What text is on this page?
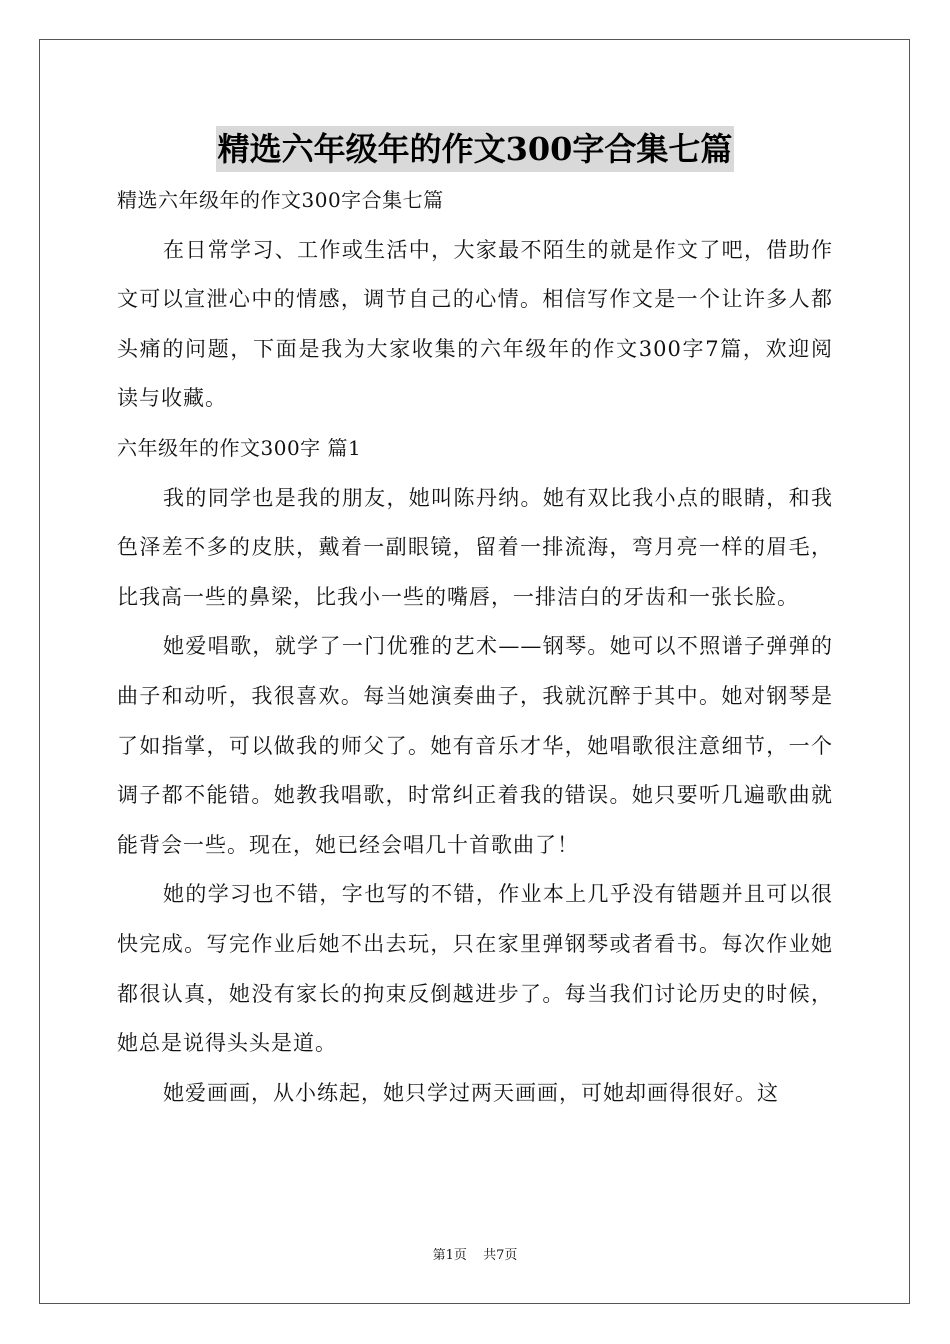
精选六年级年的作文300字合集七篇

精选六年级年的作文300字合集七篇

在日常学习、工作或生活中，大家最不陌生的就是作文了吧，借助作文可以宣泄心中的情感，调节自己的心情。相信写作文是一个让许多人都头痛的问题，下面是我为大家收集的六年级年的作文300字7篇，欢迎阅读与收藏。

六年级年的作文300字 篇1

我的同学也是我的朋友，她叫陈丹纳。她有双比我小点的眼睛，和我色泽差不多的皮肤，戴着一副眼镜，留着一排流海，弯月亮一样的眉毛，比我高一些的鼻梁，比我小一些的嘴唇，一排洁白的牙齿和一张长脸。

她爱唱歌，就学了一门优雅的艺术——钢琴。她可以不照谱子弹弹的曲子和动听，我很喜欢。每当她演奏曲子，我就沉醉于其中。她对钢琴是了如指掌，可以做我的师父了。她有音乐才华，她唱歌很注意细节，一个调子都不能错。她教我唱歌，时常纠正着我的错误。她只要听几遍歌曲就能背会一些。现在，她已经会唱几十首歌曲了！

她的学习也不错，字也写的不错，作业本上几乎没有错题并且可以很快完成。写完作业后她不出去玩，只在家里弹钢琴或者看书。每次作业她都很认真，她没有家长的拘束反倒越进步了。每当我们讨论历史的时候，她总是说得头头是道。

她爱画画，从小练起，她只学过两天画画，可她却画得很好。这

第1页 共7页
